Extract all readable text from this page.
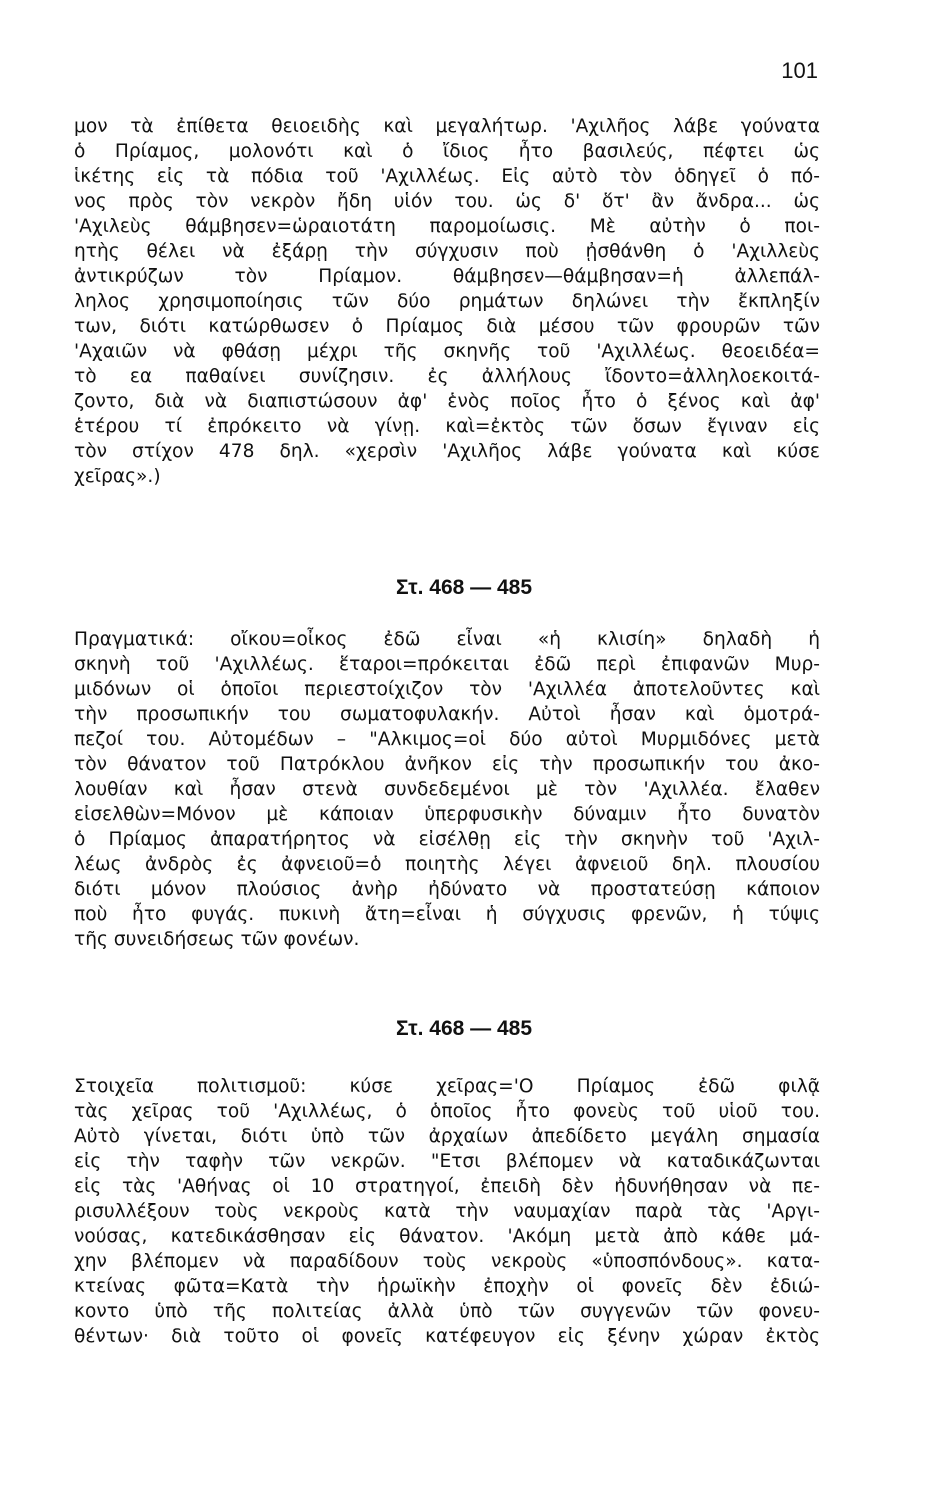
101
μον τὰ ἐπίθετα θειοειδὴς καὶ μεγαλήτωρ. 'Αχιλῆος λάβε γούνατα
ὁ Πρίαμος, μολονότι καὶ ὁ ἴδιος ἦτο βασιλεύς, πέφτει ὡς
ἱκέτης εἰς τὰ πόδια τοῦ 'Αχιλλέως. Εἰς αὐτὸ τὸν ὁδηγεῖ ὁ πό-
νος πρὸς τὸν νεκρὸν ἤδη υἱόν του. ὡς δ' ὅτ' ἂν ἄνδρα... ὡς
'Αχιλεὺς θάμβησεν=ὡραιοτάτη παρομοίωσις. Μὲ αὐτὴν ὁ ποι-
ητὴς θέλει νὰ ἐξάρῃ τὴν σύγχυσιν ποὺ ᾐσθάνθη ὁ 'Αχιλλεὺς
ἀντικρύζων τὸν Πρίαμον. θάμβησεν—θάμβησαν=ἡ ἀλλεπάλ-
ληλος χρησιμοποίησις τῶν δύο ρημάτων δηλώνει τὴν ἔκπληξίν
των, διότι κατώρθωσεν ὁ Πρίαμος διὰ μέσου τῶν φρουρῶν τῶν
'Αχαιῶν νὰ φθάσῃ μέχρι τῆς σκηνῆς τοῦ 'Αχιλλέως. θεοειδέα=
τὸ εα παθαίνει συνίζησιν. ἐς ἀλλήλους ἴδοντο=ἀλληλοεκοιτά-
ζοντο, διὰ νὰ διαπιστώσουν ἀφ' ἑνὸς ποῖος ἦτο ὁ ξένος καὶ ἀφ'
ἑτέρου τί ἐπρόκειτο νὰ γίνῃ. καὶ=ἐκτὸς τῶν ὅσων ἔγιναν εἰς
τὸν στίχον 478 δηλ. «χερσὶν 'Αχιλῆος λάβε γούνατα καὶ κύσε
χεῖρας».)
Στ. 468 — 485
Πραγματικά: οἴκου=οἶκος ἐδῶ εἶναι «ἡ κλισίη» δηλαδὴ ἡ
σκηνὴ τοῦ 'Αχιλλέως. ἕταροι=πρόκειται ἐδῶ περὶ ἐπιφανῶν Μυρ-
μιδόνων οἱ ὁποῖοι περιεστοίχιζον τὸν 'Αχιλλέα ἀποτελοῦντες καὶ
τὴν προσωπικήν του σωματοφυλακήν. Αὐτοὶ ἦσαν καὶ ὁμοτρά-
πεζοί του. Αὐτομέδων – "Αλκιμος=οἱ δύο αὐτοὶ Μυρμιδόνες μετὰ
τὸν θάνατον τοῦ Πατρόκλου ἀνῆκον εἰς τὴν προσωπικήν του ἀκο-
λουθίαν καὶ ἦσαν στενὰ συνδεδεμένοι μὲ τὸν 'Αχιλλέα. ἔλαθεν
εἰσελθὼν=Μόνον μὲ κάποιαν ὑπερφυσικὴν δύναμιν ἦτο δυνατὸν
ὁ Πρίαμος ἀπαρατήρητος νὰ εἰσέλθῃ εἰς τὴν σκηνὴν τοῦ 'Αχιλ-
λέως ἀνδρὸς ἐς ἀφνειοῦ=ὁ ποιητὴς λέγει ἀφνειοῦ δηλ. πλουσίου
διότι μόνον πλούσιος ἀνὴρ ἠδύνατο νὰ προστατεύσῃ κάποιον
ποὺ ἦτο φυγάς. πυκινὴ ἄτη=εἶναι ἡ σύγχυσις φρενῶν, ἡ τύψις
τῆς συνειδήσεως τῶν φονέων.
Στ. 468 — 485
Στοιχεῖα πολιτισμοῦ: κύσε χεῖρας='Ο Πρίαμος ἐδῶ φιλᾷ
τὰς χεῖρας τοῦ 'Αχιλλέως, ὁ ὁποῖος ἦτο φονεὺς τοῦ υἱοῦ του.
Αὐτὸ γίνεται, διότι ὑπὸ τῶν ἀρχαίων ἀπεδίδετο μεγάλη σημασία
εἰς τὴν ταφὴν τῶν νεκρῶν. "Ετσι βλέπομεν νὰ καταδικάζωνται
εἰς τὰς 'Αθήνας οἱ 10 στρατηγοί, ἐπειδὴ δὲν ἠδυνήθησαν νὰ πε-
ρισυλλέξουν τοὺς νεκροὺς κατὰ τὴν ναυμαχίαν παρὰ τὰς 'Αργι-
νούσας, κατεδικάσθησαν εἰς θάνατον. 'Ακόμη μετὰ ἀπὸ κάθε μά-
χην βλέπομεν νὰ παραδίδουν τοὺς νεκροὺς «ὑποσπόνδους». κατα-
κτείνας φῶτα=Κατὰ τὴν ἡρωϊκὴν ἐποχὴν οἱ φονεῖς δὲν ἐδιώ-
κοντο ὑπὸ τῆς πολιτείας ἀλλὰ ὑπὸ τῶν συγγενῶν τῶν φονευ-
θέντων· διὰ τοῦτο οἱ φονεῖς κατέφευγον εἰς ξένην χώραν ἐκτὸς
